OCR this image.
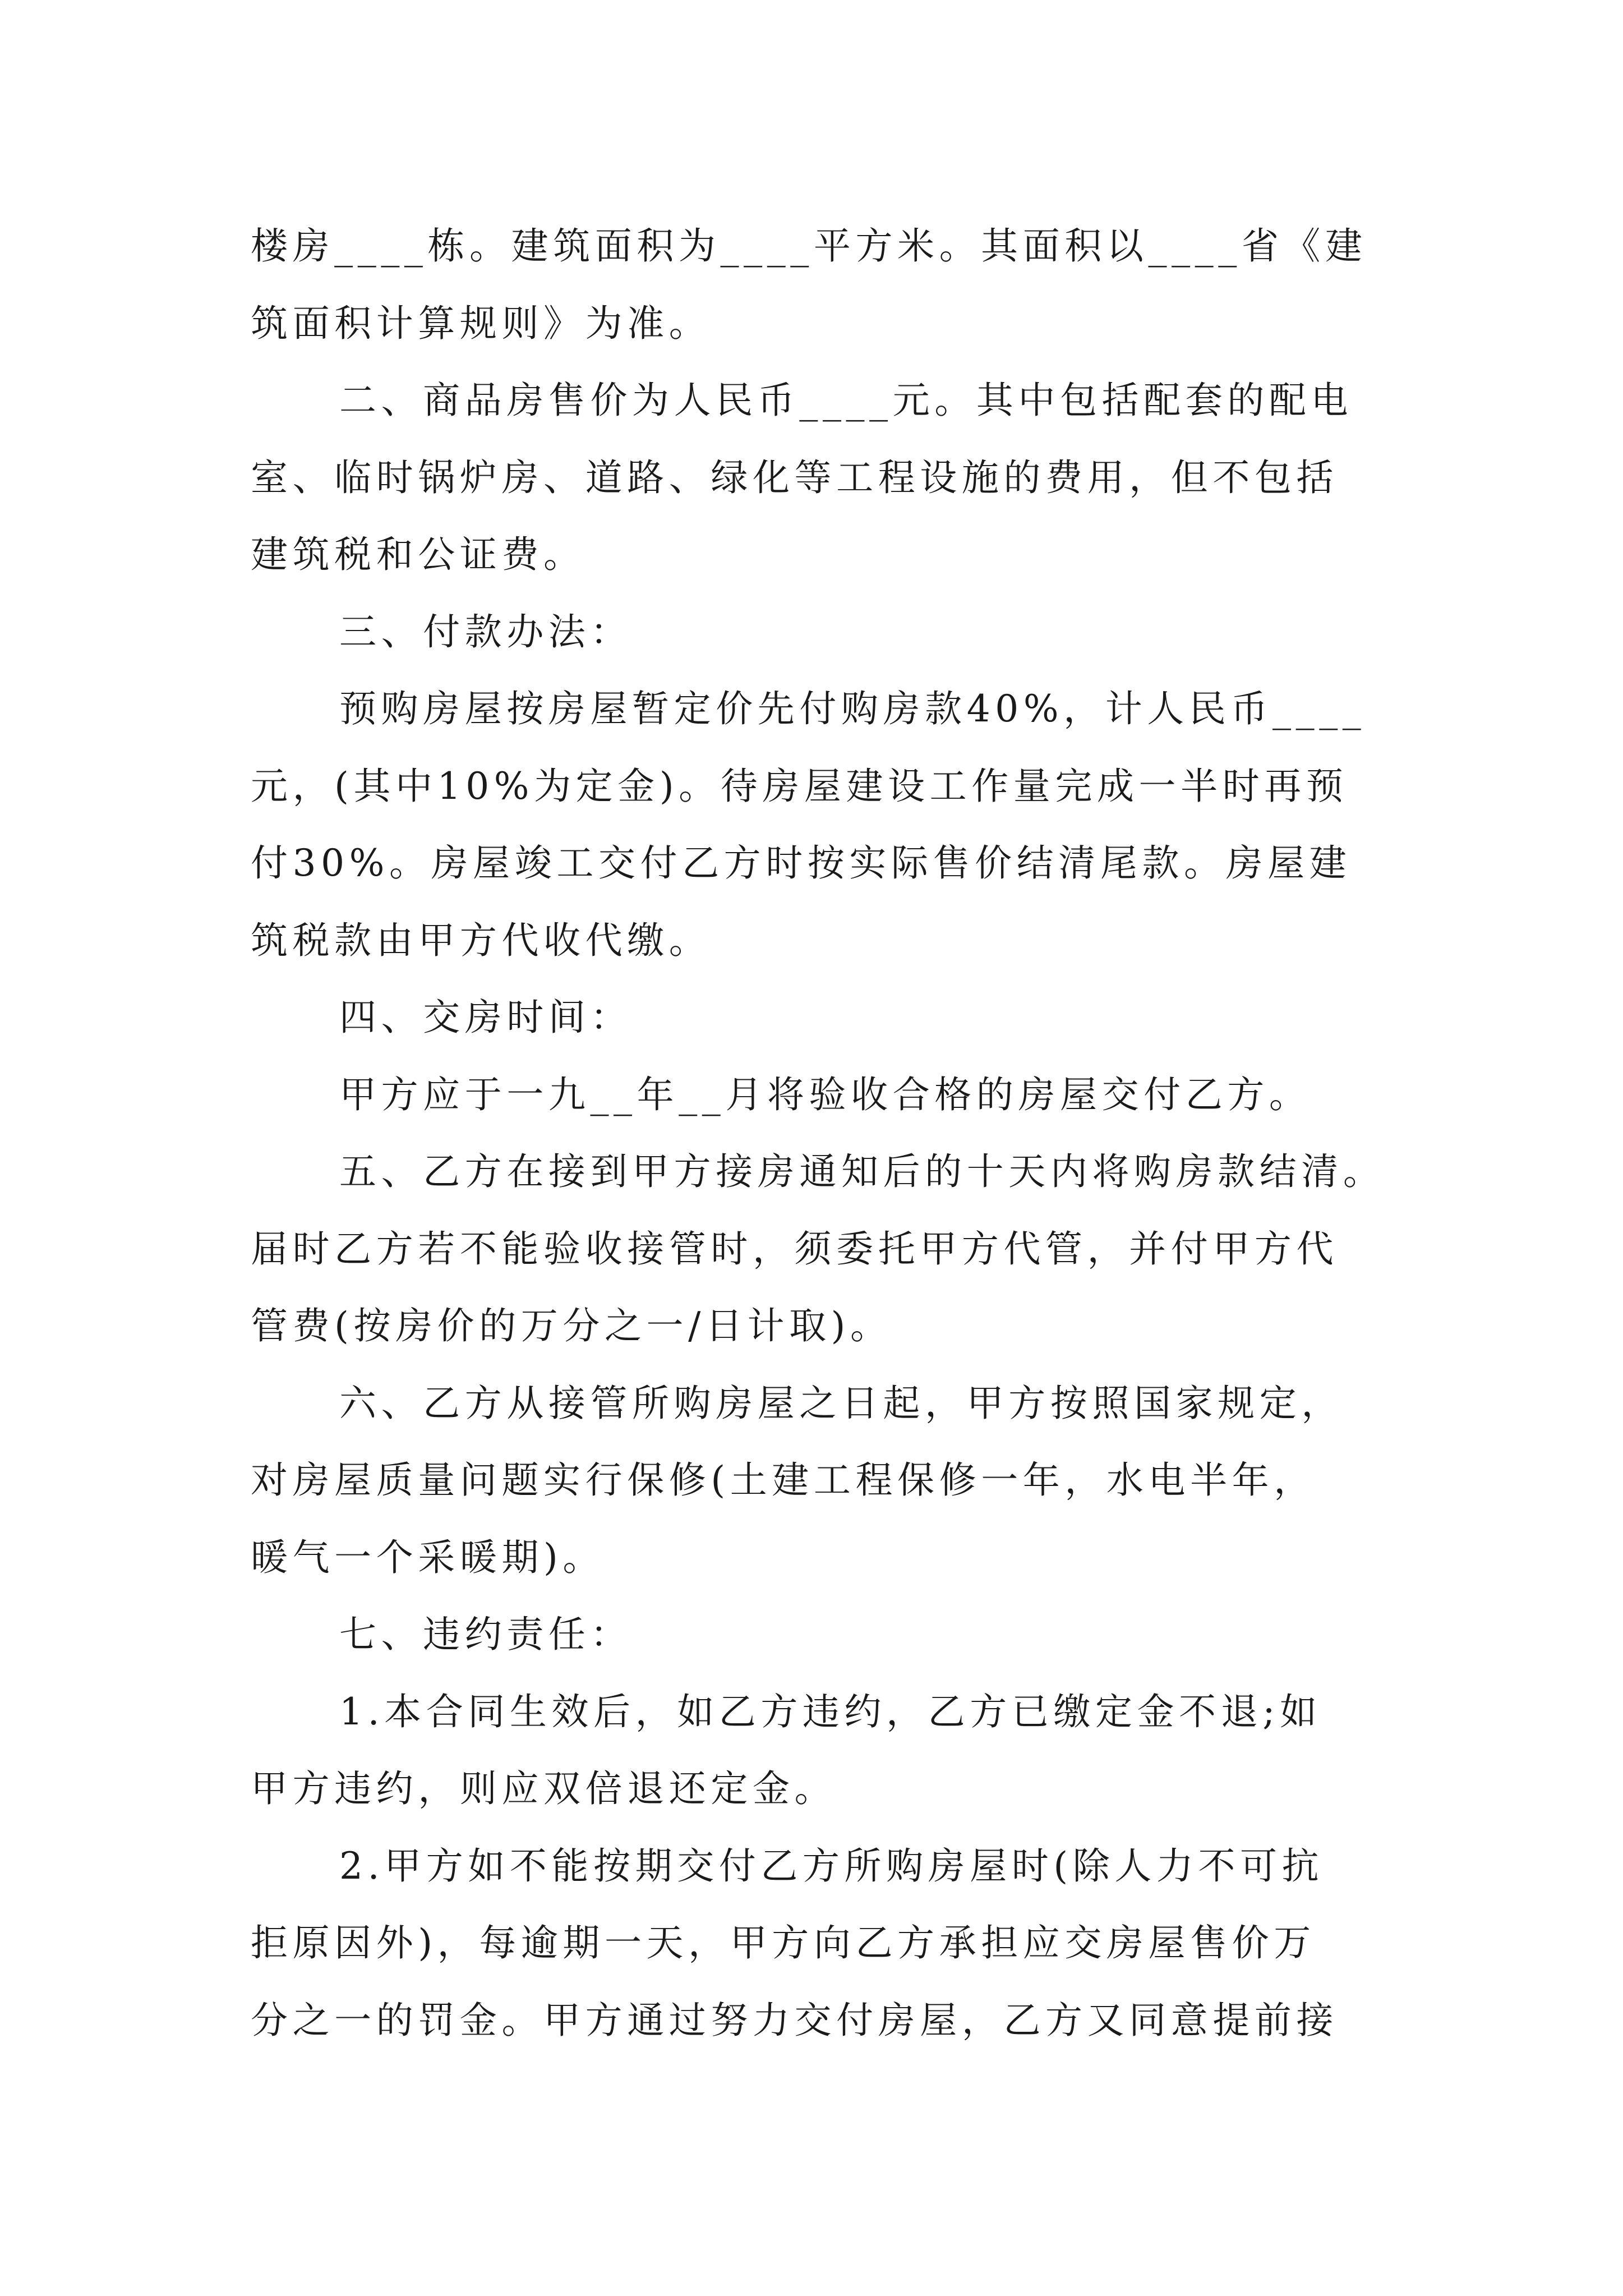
楼房____栋。建筑面积为____平方米。其面积以____省《建
筑面积计算规则》为准。
二、商品房售价为人民币____元。其中包括配套的配电
室、临时锅炉房、道路、绿化等工程设施的费用，但不包括
建筑税和公证费。
三、付款办法：
预购房屋按房屋暂定价先付购房款40%，计人民币____
元，(其中10%为定金)。待房屋建设工作量完成一半时再预
付30%。房屋竣工交付乙方时按实际售价结清尾款。房屋建
筑税款由甲方代收代缴。
四、交房时间：
甲方应于一九__年__月将验收合格的房屋交付乙方。
五、乙方在接到甲方接房通知后的十天内将购房款结清。
届时乙方若不能验收接管时，须委托甲方代管，并付甲方代
管费(按房价的万分之一/日计取)。
六、乙方从接管所购房屋之日起，甲方按照国家规定，
对房屋质量问题实行保修(土建工程保修一年，水电半年，
暖气一个采暖期)。
七、违约责任：
1.本合同生效后，如乙方违约，乙方已缴定金不退;如
甲方违约，则应双倍退还定金。
2.甲方如不能按期交付乙方所购房屋时(除人力不可抗
拒原因外)，每逾期一天，甲方向乙方承担应交房屋售价万
分之一的罚金。甲方通过努力交付房屋，乙方又同意提前接
